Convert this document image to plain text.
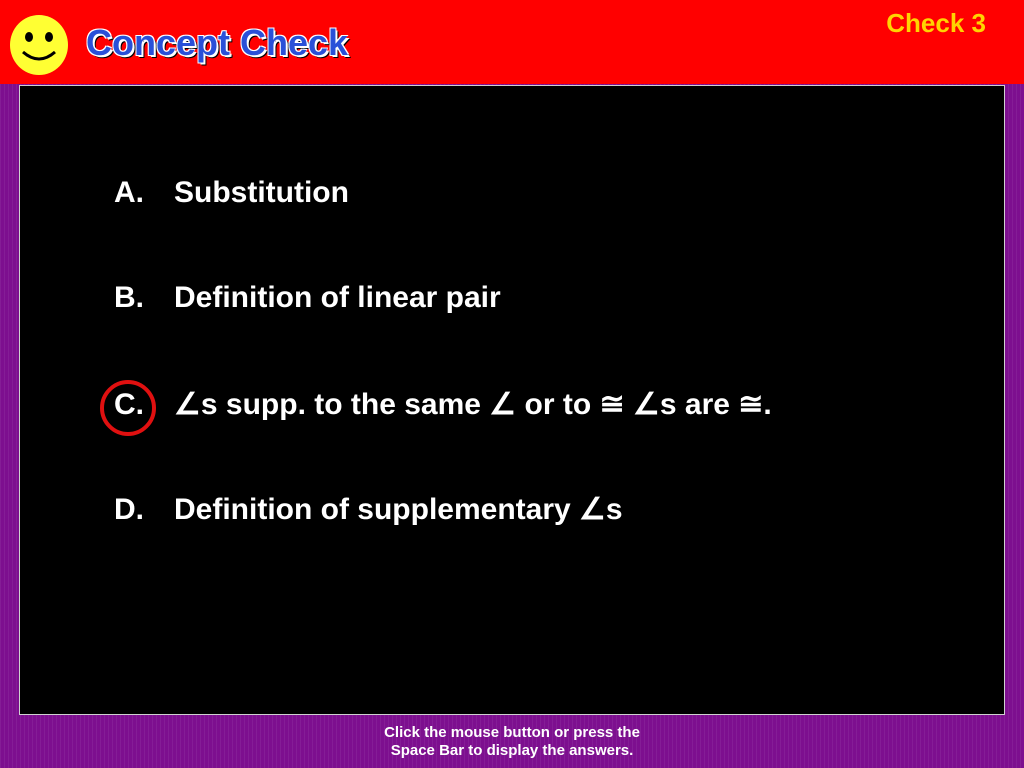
Concept Check	Check 3
A. Substitution
B. Definition of linear pair
C. ∠s supp. to the same ∠ or to ≅ ∠s are ≅.
D. Definition of supplementary ∠s
Click the mouse button or press the
Space Bar to display the answers.
